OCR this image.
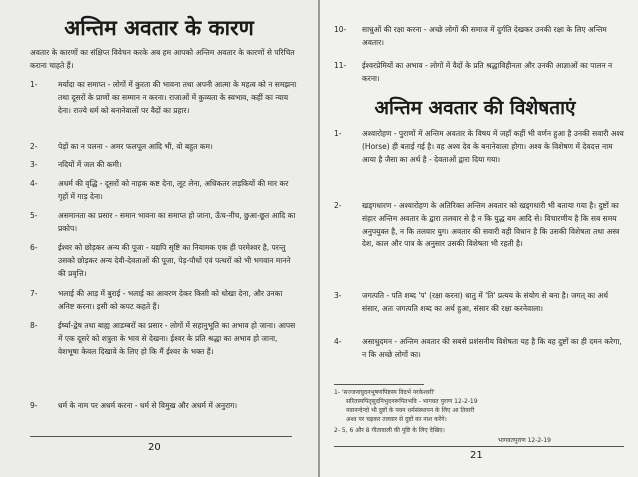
अन्तिम अवतार के कारण
अवतार के कारणों का संक्षिप्त विवेचन करके अब हम आपको अन्तिम अवतार के कारणों से परिचित कराना चाहते हैं।
1-	मर्यादा का समाप्त - लोगों में कुरता की भावना तथा अपनी आत्मा के महत्व को न समझना तथा दूसरों के प्राणों का सम्मान न करना। राजाओं में कुव्यता के स्वभाव, कहीं का न्याय देना। राज्ये धर्म को बनानेवालों पर वैदों का प्रहार।
2-	पेड़ों का न पलना - अमर फलपूल आदि भी, वो बहुत कम।
3-	नदियों में जल की कमी।
4-	अधर्म की वृद्धि - दूसरों को नाहक कष्ट देना, लूट लेना, अधिकतर लड़कियों की मार कर गृहों में गाड़ देना।
5-	असमानता का प्रसार - समान भावना का समाप्त हो जाना, ऊँच-नीच, छुआ-छूत आदि का प्रकोप।
6-	ईश्वर को छोड़कर अन्य की पूजा - यद्यपि सृष्टि का नियामक एक ही परमेश्वर है, परन्तु उसको छोड़कर अन्य देवी-देवताओं की पूजा, पेड़-पौधों एवं पत्थरों को भी भगवान मानने की प्रवृत्ति।
7-	भलाई की आड़ में बुराई - भलाई का आवरण देकर किसी को धोखा देना, और उनका अनिष्ट करना। इसी को कपट कहते हैं।
8-	ईर्ष्या-द्वेष तथा बाह्य आडम्बरों का प्रसार - लोगों में सहानुभूति का अभाव हो जाना। आपस में एक दूसरे को शत्रुता के भाव से देखना। ईश्वर के प्रति श्रद्धा का अभाव हो जाना, वेशभूषा केवल दिखावे के लिए हो कि मैं ईश्वर के भक्त हैं।
9-	धर्म के नाम पर अधर्म करना - धर्म से विमुख और अधर्म में अनुराग।
20
10-	साधुओं की रक्षा करना - अच्छे लोगों की समाज में दुर्गति देखकर उनकी रक्षा के लिए अन्तिम अवतार।
11-	ईश्वरप्रेमियों का अभाव - लोगों में वैदों के प्रति श्रद्धाविहीनता और उनकी आज्ञाओं का पालन न करना।
अन्तिम अवतार की विशेषताएं
1-	अश्वारोहण - पुराणों में अन्तिम अवतार के विषय में जहाँ कहीं भी वर्णन हुआ है उनकी सवारी अश्व (Horse) ही बताई गई है। वह अश्व देव के बनानेवाला होगा। अश्व के विशेषण में देवदत्त नाम आया है जैसा का अर्थ है - देवताओं द्वारा दिया गया।
2-	खड्गधारण - अश्वारोहण के अतिरिक्त अन्तिम अवतार को खड्गधारी भी बताया गया है। दुष्टों का संहार अन्तिम अवतार के द्वारा तलवार से है न कि युद्ध बम आदि से। विचारणीय है कि सब समय अनुपयुक्त है, न कि तलवार युग। अवतार की सवारी वही विधान है कि उसकी विशेषता तथा अस्त्र देश, काल और पात्र के अनुसार उसकी विशेषता भी रहती है।
3-	जगत्पति - पति शब्द 'प' (रक्षा करना) धातु में 'ति' प्रत्यय के संयोग से बना है। जगत् का अर्थ संसार, अतः जगत्पति शब्द का अर्थ हुआ, संसार की रक्षा करनेवाला।
4-	असाधुदमन - अन्तिम अवतार की सबसे प्रशंसनीय विशेषता यह है कि वह दुष्टों का ही दमन करेगा, न कि अच्छे लोगों का।
1- 'सज्जनाघुदनभूषणपिष्टस्य विदर्भ नरकेश्वरी'
सरितस्यपितृसुदनिभुदनरूपितभवि - भागवत पुराण 12-2-19
नवानन्देन्दो भी दुष्टों के पवन धर्मसंस्थापन के लिए आ तिवारी
अश्व पर चढ़कर तलवार से दुष्टों का नाश करेंगे।
2- 5, 6 और 8 गीतावाली की पुष्टि के लिए देखिए।
भागवतपुराण 12-2-19
21
